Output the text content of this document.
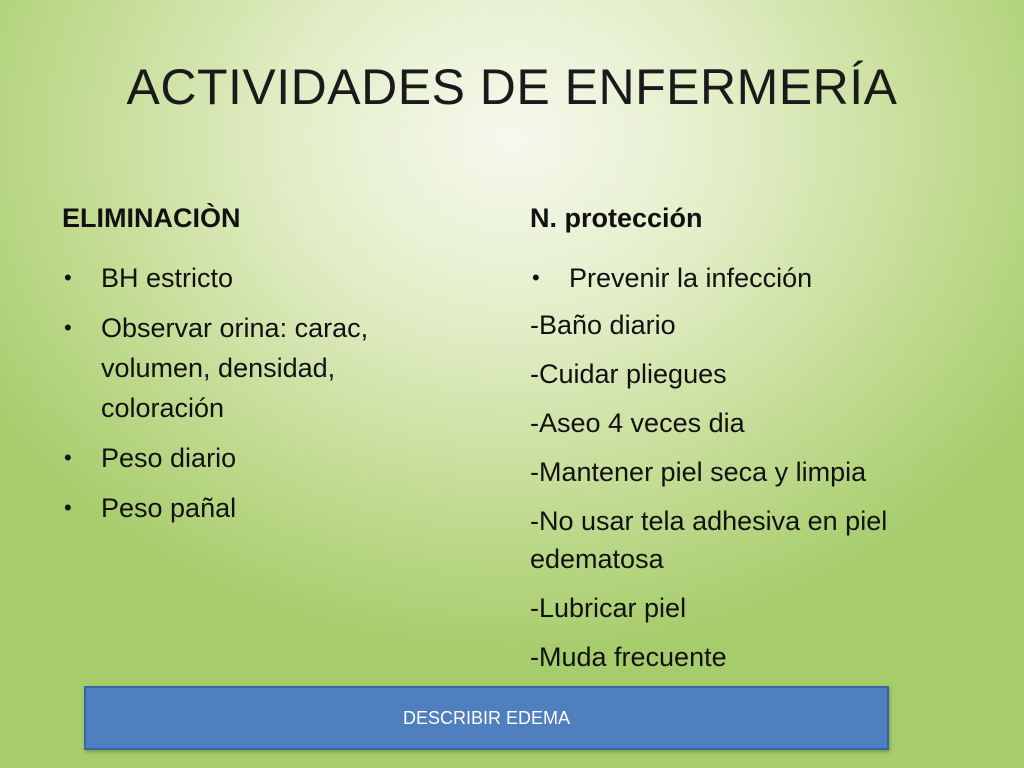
ACTIVIDADES DE ENFERMERÍA
ELIMINACIÒN
• BH estricto
• Observar orina: carac, volumen, densidad, coloración
• Peso diario
• Peso pañal
N. protección
• Prevenir la infección
-Baño diario
-Cuidar pliegues
-Aseo 4 veces dia
-Mantener piel seca y limpia
-No usar tela adhesiva en piel edematosa
-Lubricar piel
-Muda frecuente
DESCRIBIR EDEMA
